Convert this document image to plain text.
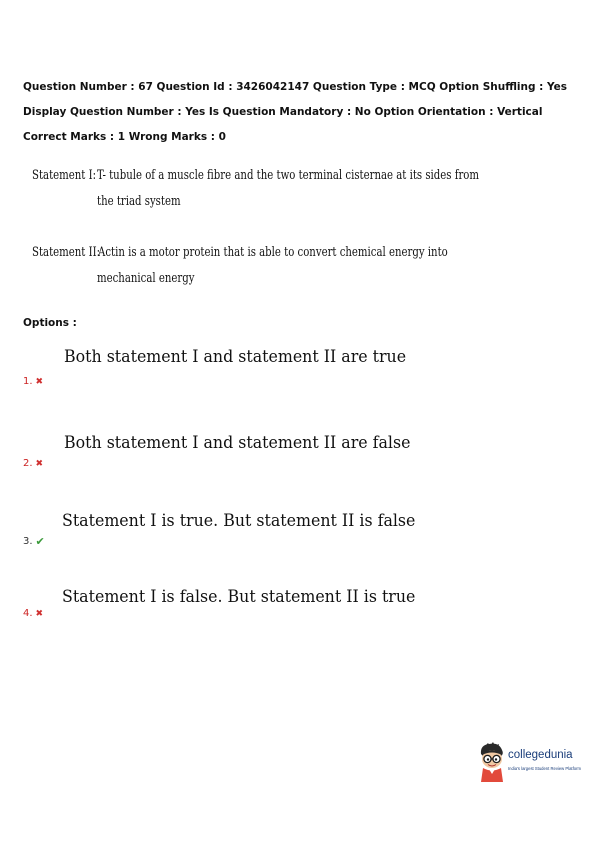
Question Number : 67 Question Id : 3426042147 Question Type : MCQ Option Shuffling : Yes
Display Question Number : Yes Is Question Mandatory : No Option Orientation : Vertical
Correct Marks : 1 Wrong Marks : 0
Statement I: T- tubule of a muscle fibre and the two terminal cisternae at its sides from
the triad system
Statement II:
Actin is a motor protein that is able to convert chemical energy into
mechanical energy
Options :
Both statement I and statement II are true
1. ✖
Both statement I and statement II are false
2. ✖
Statement I is true. But statement II is false
3. ✔
Statement I is false. But statement II is true
4. ✖
collegedunia
India's largest Student Review Platform
